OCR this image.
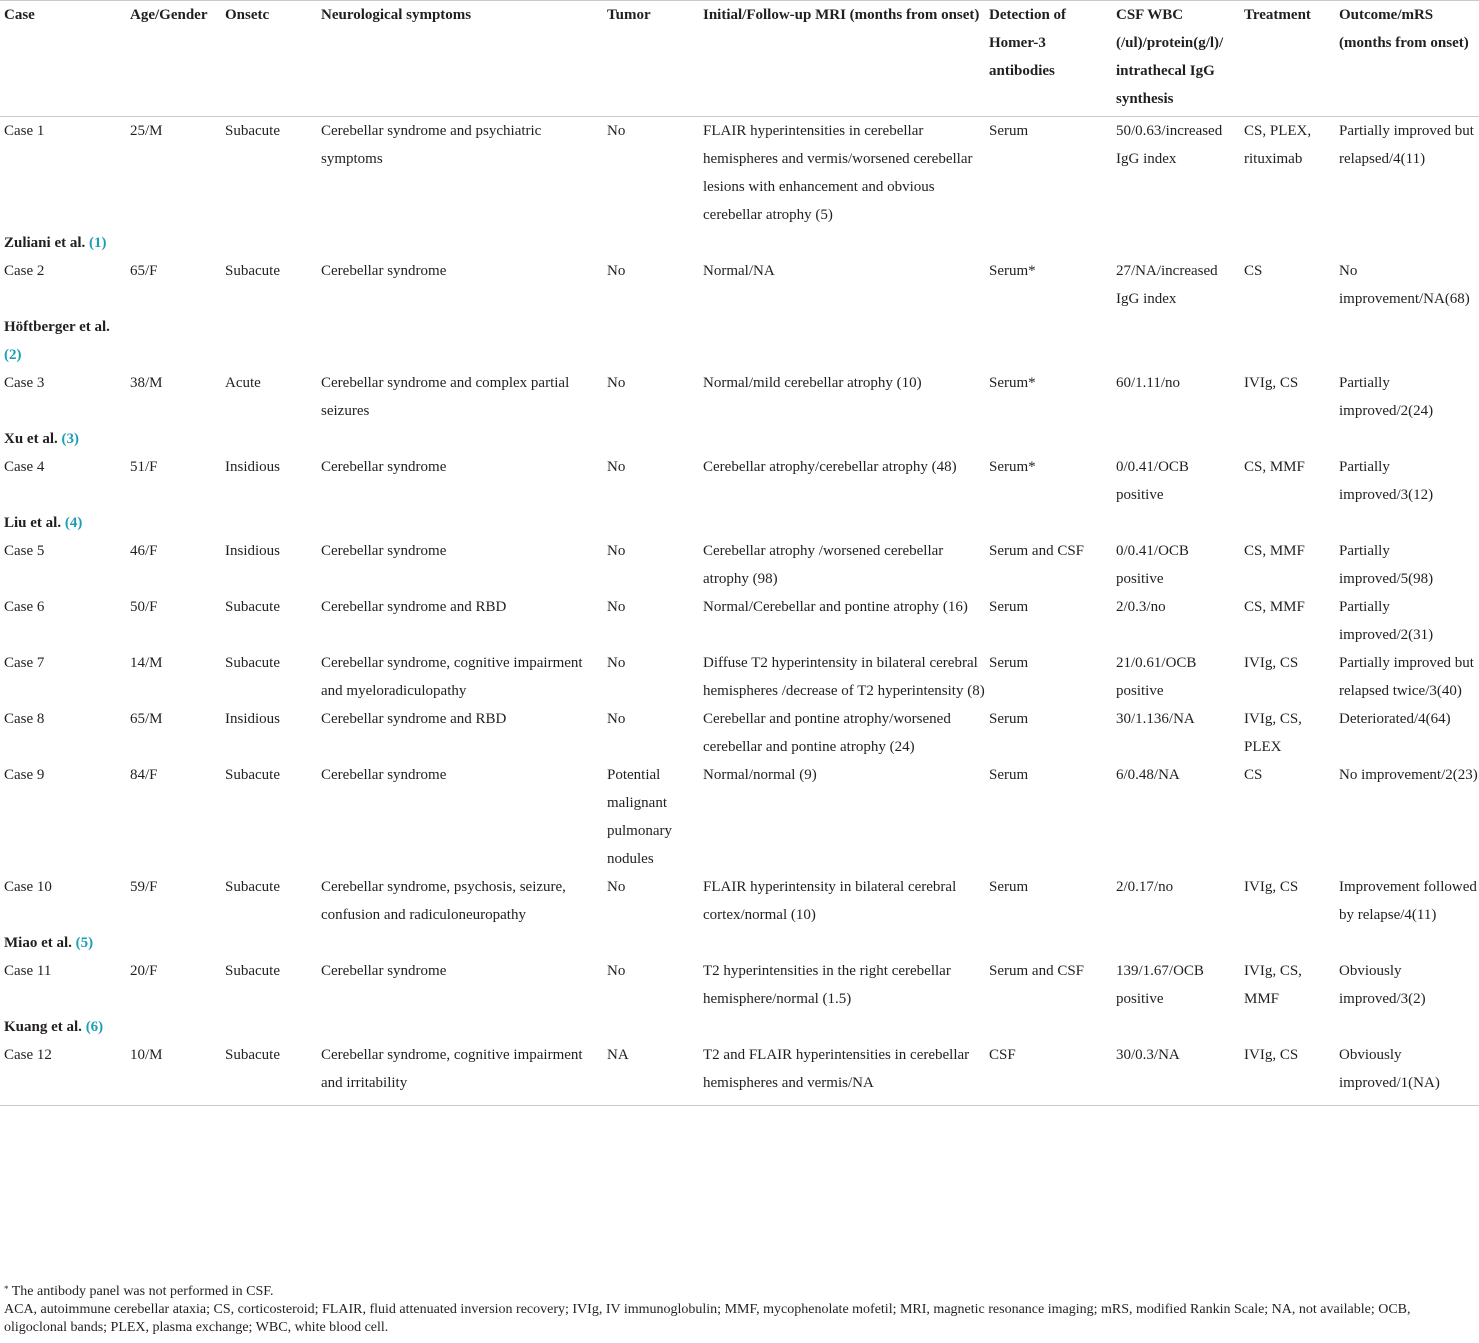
Case	Age/Gender	Onsetc	Neurological symptoms	Tumor	Initial/Follow-up MRI (months from onset)	Detection of Homer-3 antibodies	CSF WBC (/ul)/protein(g/l)/ intrathecal IgG synthesis	Treatment	Outcome/mRS (months from onset)
Case 1	25/M	Subacute	Cerebellar syndrome and psychiatric symptoms	No	FLAIR hyperintensities in cerebellar hemispheres and vermis/worsened cerebellar lesions with enhancement and obvious cerebellar atrophy (5)	Serum	50/0.63/increased IgG index	CS, PLEX, rituximab	Partially improved but relapsed/4(11)
Zuliani et al. (1)									
Case 2	65/F	Subacute	Cerebellar syndrome	No	Normal/NA	Serum*	27/NA/increased IgG index	CS	No improvement/NA(68)
Höftberger et al. (2)									
Case 3	38/M	Acute	Cerebellar syndrome and complex partial seizures	No	Normal/mild cerebellar atrophy (10)	Serum*	60/1.11/no	IVIg, CS	Partially improved/2(24)
Xu et al. (3)									
Case 4	51/F	Insidious	Cerebellar syndrome	No	Cerebellar atrophy/cerebellar atrophy (48)	Serum*	0/0.41/OCB positive	CS, MMF	Partially improved/3(12)
Liu et al. (4)									
Case 5	46/F	Insidious	Cerebellar syndrome	No	Cerebellar atrophy /worsened cerebellar atrophy (98)	Serum and CSF	0/0.41/OCB positive	CS, MMF	Partially improved/5(98)
Case 6	50/F	Subacute	Cerebellar syndrome and RBD	No	Normal/Cerebellar and pontine atrophy (16)	Serum	2/0.3/no	CS, MMF	Partially improved/2(31)
Case 7	14/M	Subacute	Cerebellar syndrome, cognitive impairment and myeloradiculopathy	No	Diffuse T2 hyperintensity in bilateral cerebral hemispheres /decrease of T2 hyperintensity (8)	Serum	21/0.61/OCB positive	IVIg, CS	Partially improved but relapsed twice/3(40)
Case 8	65/M	Insidious	Cerebellar syndrome and RBD	No	Cerebellar and pontine atrophy/worsened cerebellar and pontine atrophy (24)	Serum	30/1.136/NA	IVIg, CS, PLEX	Deteriorated/4(64)
Case 9	84/F	Subacute	Cerebellar syndrome	Potential malignant pulmonary nodules	Normal/normal (9)	Serum	6/0.48/NA	CS	No improvement/2(23)
Case 10	59/F	Subacute	Cerebellar syndrome, psychosis, seizure, confusion and radiculoneuropathy	No	FLAIR hyperintensity in bilateral cerebral cortex/normal (10)	Serum	2/0.17/no	IVIg, CS	Improvement followed by relapse/4(11)
Miao et al. (5)									
Case 11	20/F	Subacute	Cerebellar syndrome	No	T2 hyperintensities in the right cerebellar hemisphere/normal (1.5)	Serum and CSF	139/1.67/OCB positive	IVIg, CS, MMF	Obviously improved/3(2)
Kuang et al. (6)									
Case 12	10/M	Subacute	Cerebellar syndrome, cognitive impairment and irritability	NA	T2 and FLAIR hyperintensities in cerebellar hemispheres and vermis/NA	CSF	30/0.3/NA	IVIg, CS	Obviously improved/1(NA)

* The antibody panel was not performed in CSF.

ACA, autoimmune cerebellar ataxia; CS, corticosteroid; FLAIR, fluid attenuated inversion recovery; IVIg, IV immunoglobulin; MMF, mycophenolate mofetil; MRI, magnetic resonance imaging; mRS, modified Rankin Scale; NA, not available; OCB, oligoclonal bands; PLEX, plasma exchange; WBC, white blood cell.
